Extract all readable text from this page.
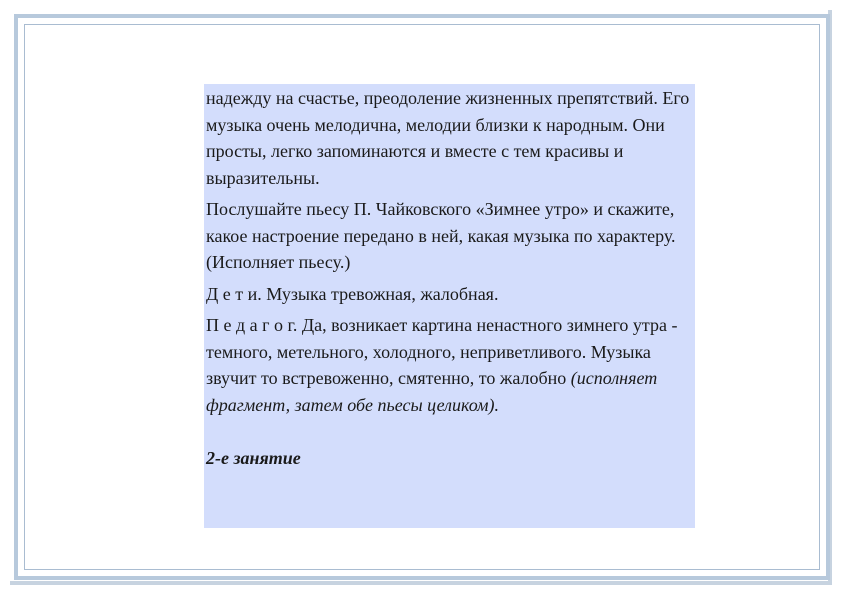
надежду на счастье, преодоление жизненных препятствий. Его музыка очень мелодична, мелодии близки к народным. Они просты, легко запоминаются и вместе с тем красивы и выразительны.

Послушайте пьесу П. Чайковского «Зимнее утро» и скажите, какое настроение передано в ней, какая музыка по характеру. (Исполняет пьесу.)

Д е т и. Музыка тревожная, жалобная.

П е д а г о г. Да, возникает картина ненастного зимнего утра - темного, метельного, холодного, неприветливого. Музыка звучит то встревоженно, смятенно, то жалобно (исполняет фрагмент, затем обе пьесы целиком).

2-е занятие
